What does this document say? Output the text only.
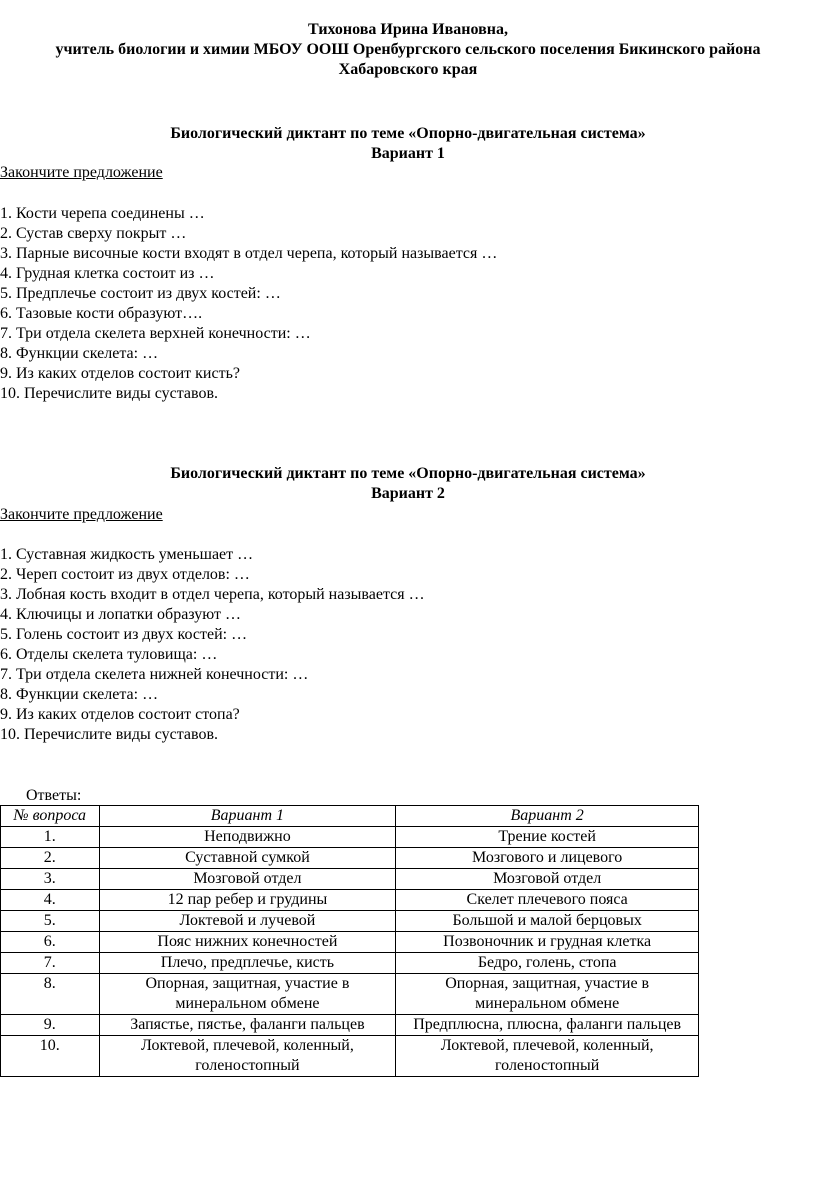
Тихонова Ирина Ивановна,
учитель биологии и химии МБОУ ООШ Оренбургского сельского поселения Бикинского района
Хабаровского края
Биологический диктант по теме «Опорно-двигательная система»
Вариант 1
Закончите предложение
1. Кости черепа соединены …
2. Сустав сверху покрыт …
3. Парные височные кости входят в отдел черепа, который называется …
4. Грудная клетка состоит из …
5. Предплечье состоит из двух костей: …
6. Тазовые кости образуют….
7. Три отдела скелета верхней конечности: …
8. Функции скелета: …
9. Из каких отделов состоит кисть?
10. Перечислите виды суставов.
Биологический диктант по теме «Опорно-двигательная система»
Вариант 2
Закончите предложение
1. Суставная жидкость уменьшает …
2. Череп состоит из двух отделов: …
3. Лобная кость входит в отдел черепа, который называется …
4. Ключицы и лопатки образуют …
5. Голень состоит из двух костей: …
6. Отделы скелета туловища: …
7. Три отдела скелета нижней конечности: …
8. Функции скелета: …
9. Из каких отделов состоит стопа?
10. Перечислите виды суставов.
Ответы:
№ вопроса	Вариант 1	Вариант 2
1.	Неподвижно	Трение костей
2.	Суставной сумкой	Мозгового и лицевого
3.	Мозговой отдел	Мозговой отдел
4.	12 пар ребер и грудины	Скелет плечевого пояса
5.	Локтевой и лучевой	Большой и малой берцовых
6.	Пояс нижних конечностей	Позвоночник и грудная клетка
7.	Плечо, предплечье, кисть	Бедро, голень, стопа
8.	Опорная, защитная, участие в минеральном обмене	Опорная, защитная, участие в минеральном обмене
9.	Запястье, пястье, фаланги пальцев	Предплюсна, плюсна, фаланги пальцев
10.	Локтевой, плечевой, коленный, голеностопный	Локтевой, плечевой, коленный, голеностопный
